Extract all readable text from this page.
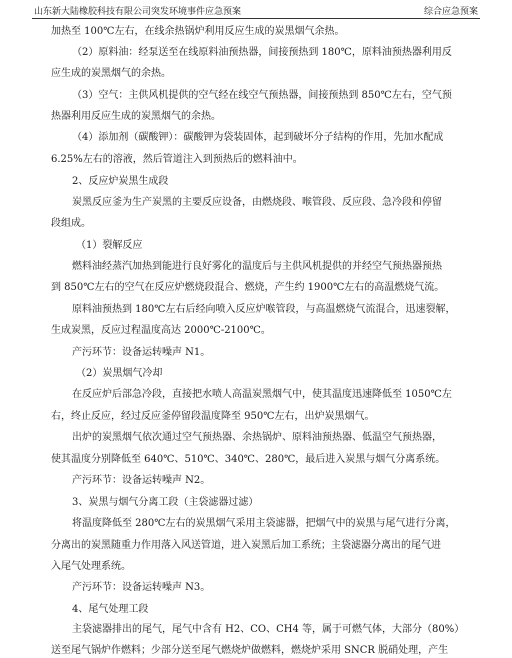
山东新大陆橡胶科技有限公司突发环境事件应急预案	综合应急预案
加热至 100℃左右，在线余热锅炉利用反应生成的炭黑烟气余热。
（2）原料油：经泵送至在线原料油预热器，间接预热到 180℃，原料油预热器利用反
应生成的炭黑烟气的余热。
（3）空气：主供风机提供的空气经在线空气预热器，间接预热到 850℃左右，空气预
热器利用反应生成的炭黑烟气的余热。
（4）添加剂（碳酸钾）：碳酸钾为袋装固体，起到破坏分子结构的作用，先加水配成
6.25%左右的溶液，然后管道注入到预热后的燃料油中。
2、反应炉炭黑生成段
炭黑反应釜为生产炭黑的主要反应设备，由燃烧段、喉管段、反应段、急冷段和停留
段组成。
（1）裂解反应
燃料油经蒸汽加热到能进行良好雾化的温度后与主供风机提供的并经空气预热器预热
到 850℃左右的空气在反应炉燃烧段混合、燃烧，产生约 1900℃左右的高温燃烧气流。
原料油预热到 180℃左右后经向喷入反应炉喉管段，与高温燃烧气流混合，迅速裂解，
生成炭黑，反应过程温度高达 2000℃-2100℃。
产污环节：设备运转噪声 N1。
（2）炭黑烟气冷却
在反应炉后部急冷段，直接把水喷人高温炭黑烟气中，使其温度迅速降低至 1050℃左
右，终止反应，经过反应釜停留段温度降至 950℃左右，出炉炭黑烟气。
出炉的炭黑烟气依次通过空气预热器、余热锅炉、原料油预热器、低温空气预热器，
使其温度分别降低至 640℃、510℃、340℃、280℃，最后进入炭黑与烟气分离系统。
产污环节：设备运转噪声 N2。
3、炭黑与烟气分离工段（主袋滤器过滤）
将温度降低至 280℃左右的炭黑烟气采用主袋滤器，把烟气中的炭黑与尾气进行分离，
分离出的炭黑随重力作用落入风送管道，进入炭黑后加工系统；主袋滤器分离出的尾气进
入尾气处理系统。
产污环节：设备运转噪声 N3。
4、尾气处理工段
主袋滤器排出的尾气，尾气中含有 H2、CO、CH4 等，属于可燃气体，大部分（80%）
送至尾气锅炉作燃料；少部分送至尾气燃烧炉做燃料，燃烧炉采用 SNCR 脱硝处理，产生
